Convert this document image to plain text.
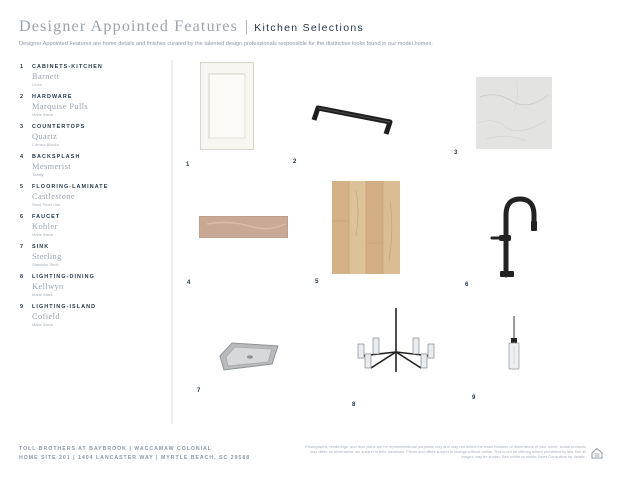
Designer Appointed Features | Kitchen Selections
Designer Appointed Features are home details and finishes curated by the talented design professionals responsible for the distinctive looks found in our model homes.
1	CABINETS-KITCHEN
Barnett
Linen
2	HARDWARE
Marquise Pulls
Matte Black
3	COUNTERTOPS
Quartz
Carrara Bianco
4	BACKSPLASH
Mesmerist
Toasty
5	FLOORING-LAMINATE
Castlestone
Sand Pearl Oak
6	FAUCET
Kohler
Matte Black
7	SINK
Sterling
Stainless Steel
8	LIGHTING-DINING
Kellwyn
Matte Black
9	LIGHTING-ISLAND
Cofield
Matte Black
1	2
3
4	5	6
7
8
9
TOLL BROTHERS AT BAYBROOK | WACCAMAW COLONIAL
HOME SITE 201 | 1404 LANCASTER WAY | MYRTLE BEACH, SC 29588
Photographs, renderings, and floor plans are for representational purposes only and may not reflect the exact features or dimensions of your home; actual products may differ. All dimensions are subject to field variations. Prices and offers subject to change without notice. This is not an offering where prohibited by law. Not all images may be shown. See onsite or model Sales Consultant for details.
